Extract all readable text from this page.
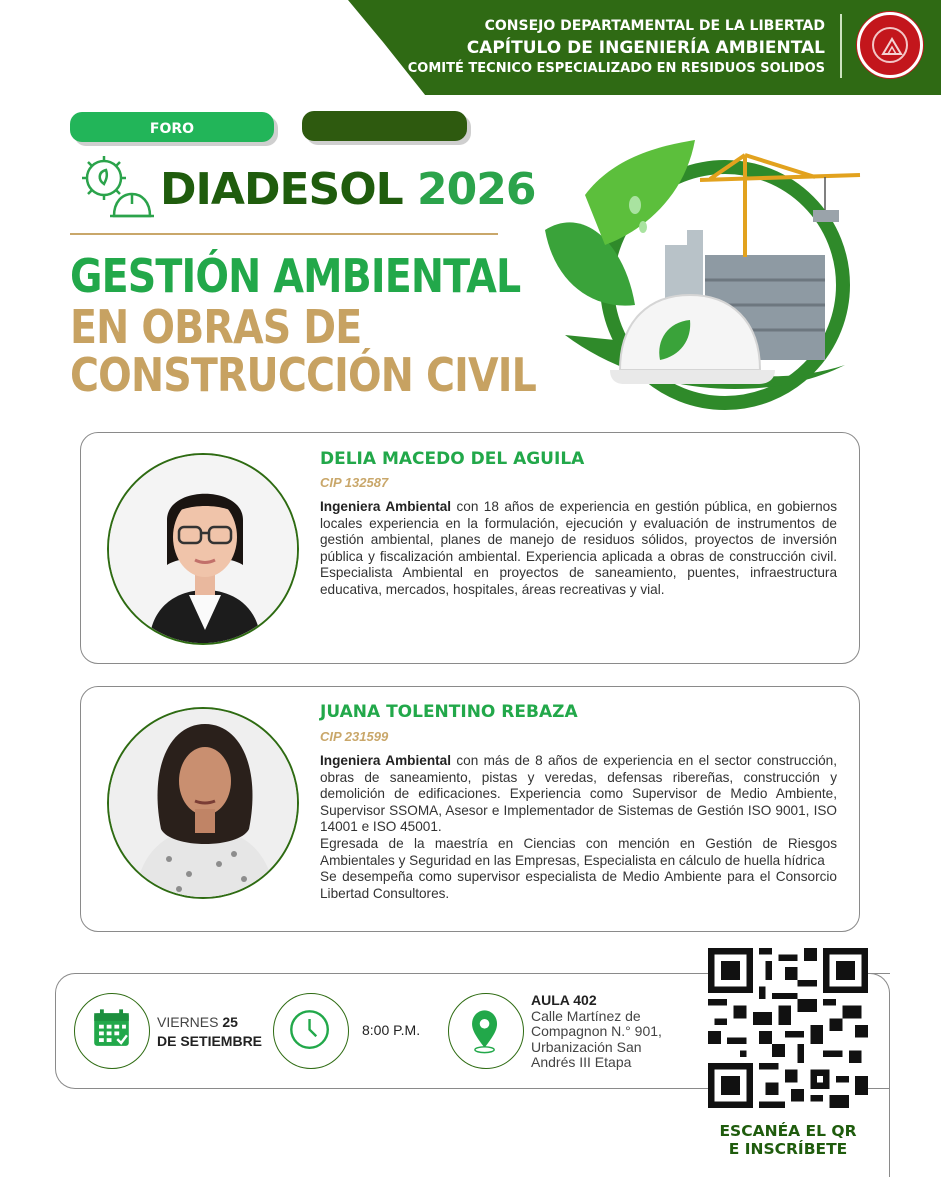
CONSEJO DEPARTAMENTAL DE LA LIBERTAD
CAPÍTULO DE INGENIERÍA AMBIENTAL
COMITÉ TECNICO ESPECIALIZADO EN RESIDUOS SOLIDOS
FORO
DIADESOL 2026
GESTIÓN AMBIENTAL
EN OBRAS DE
CONSTRUCCIÓN CIVIL
DELIA MACEDO DEL AGUILA
CIP 132587
Ingeniera Ambiental con 18 años de experiencia en gestión pública, en gobiernos locales experiencia en la formulación, ejecución y evaluación de instrumentos de gestión ambiental, planes de manejo de residuos sólidos, proyectos de inversión pública y fiscalización ambiental. Experiencia aplicada a obras de construcción civil. Especialista Ambiental en proyectos de saneamiento, puentes, infraestructura educativa, mercados, hospitales, áreas recreativas y vial.
JUANA TOLENTINO REBAZA
CIP 231599
Ingeniera Ambiental con más de 8 años de experiencia en el sector construcción, obras de saneamiento, pistas y veredas, defensas ribereñas, construcción y demolición de edificaciones. Experiencia como Supervisor de Medio Ambiente, Supervisor SSOMA, Asesor e Implementador de Sistemas de Gestión ISO 9001, ISO 14001 e ISO 45001.
Egresada de la maestría en Ciencias con mención en Gestión de Riesgos Ambientales y Seguridad en las Empresas, Especialista en cálculo de huella hídrica
Se desempeña como supervisor especialista de Medio Ambiente para el Consorcio Libertad Consultores.
VIERNES 25
DE SETIEMBRE
8:00 P.M.
AULA 402
Calle Martínez de Compagnon N.° 901, Urbanización San Andrés III Etapa
ESCANÉA EL QR
E INSCRÍBETE
